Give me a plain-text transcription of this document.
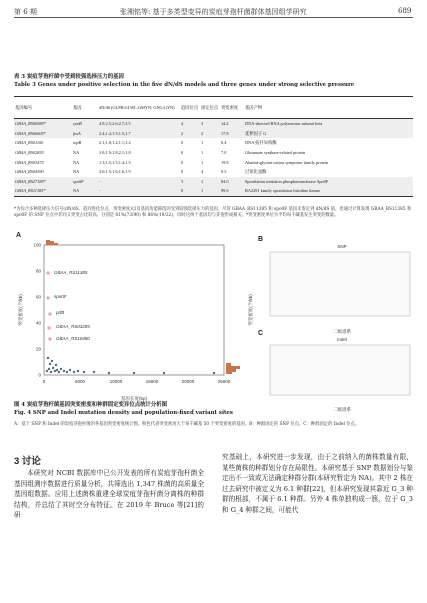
第 6 期	张湘铭等: 基于多类型变异的炭疽芽孢杆菌群体基因组学研究	689
表 3 炭疽芽孢杆菌中受到较强选择压力的基因
Table 3 Genes under positive selection in the five dN/dS models and three genes under strong selective pressure
基因编号	基因	dN/dS (GLPB;GLWL;GMYN; GNG;GYN)	趋同位点	固定位点	突变密度	基因产物
GBAA_RS00580*	rpoB	4.8;2.5;2.6;2.7;2.5	4	3	14.4	DNA-directed RNA polymerase subunit beta
GBAA_RS00605*	fusA	2.4;1.4;1.5;1.5;1.7	2	2	17.8	延伸因子 G
GBAA_RS01100	topB	2.1;1.0;1.2;1.1;1.2	0	1	6.4	DNA 拓扑异构酶
GBAA_RS02855	NA	3.8;1.9;1.8;2.1;1.8	0	1	7.0	Glutamate synthase-related protein
GBAA_RS03475	NA	1.3;1.5;1.5;1.4;1.5	0	1	19.8	Alanine:glycine:cation symporter family protein
GBAA_RS04590	NA	3.0;1.5;1.6;1.6;1.9	0	4	9.5	过氧化氢酶
GBAA_RS27185*	spo0F	-	3	1	84.0	Sporulation initiation phosphotransferase Spo0F
GBAA_RS11385*	NA	-	8	1	99.6	BA2291 family sporulation histidine kinase
*为综合多种选择压力信号(dN/dS、趋同进化位点、突变密度)以及基因功能筛选的受到较强选择压力的基因。尽管 GBAA_RS11385 和 spo0F 基因未鉴定到 dN/dS 值，但通过计算发现 GBAA_RS11385 和 spo0F 的 SNP 位点中非同义突变占比较高，分别是 81%(73/90) 和 86%(19/22)，同时这两个基因均与芽孢形成相关。*突变密度单位为平均每千碱基发生突变的数量。
A
B
C
0
20
40
60
80
100
0	5000	10000	15000	20000	25000
GBAA_RS11385
spo0F
prfB
GBAA_RS03285
GBAA_RS10480
突变密度(个/kb)	突变密度(个/kb)
基因长度(bp)
SNP
二级谱系
Indel
二级谱系
图 4 炭疽芽孢杆菌基因突变密度和种群固定变异位点统计分析图
Fig. 4 SNP and Indel mutation density and population-fixed variant sites
A：基于 SNP 和 Indel 的炭疽芽孢杆菌的各基因突变密度统计图。粉色代表突变密度大于每千碱基 50 个突变密度的基因。B：种群固定的 SNP 位点。C：种群固定的 Indel 位点。
3 讨论

本研究对 NCBI 数据库中已公开发表的所有炭疽芽孢杆菌全基因组测序数据进行质量分析，共筛选出 1,347 株菌的高质量全基因组数据。应用上述菌株重建全球炭疽芽孢杆菌分离株的种群结构，并总结了其时空分布特征。在 2019 年 Bruce 等[21]的研

究基础上，本研究进一步发现，由于之前纳入的菌株数量有限，某些菌株的种群划分存在局限性。本研究基于 SNP 数据划分与鉴定出不一致或无法确定种群分群(本研究暂定为 NA)。其中 2 株在过去研究中被定义为 6.1 种群[22]，但本研究发现其靠近 G_3 种群的根部，不属于 6.1 种群。另外 4 株单独构成一簇，位于 G_3 和 G_4 种群之间，可能代
